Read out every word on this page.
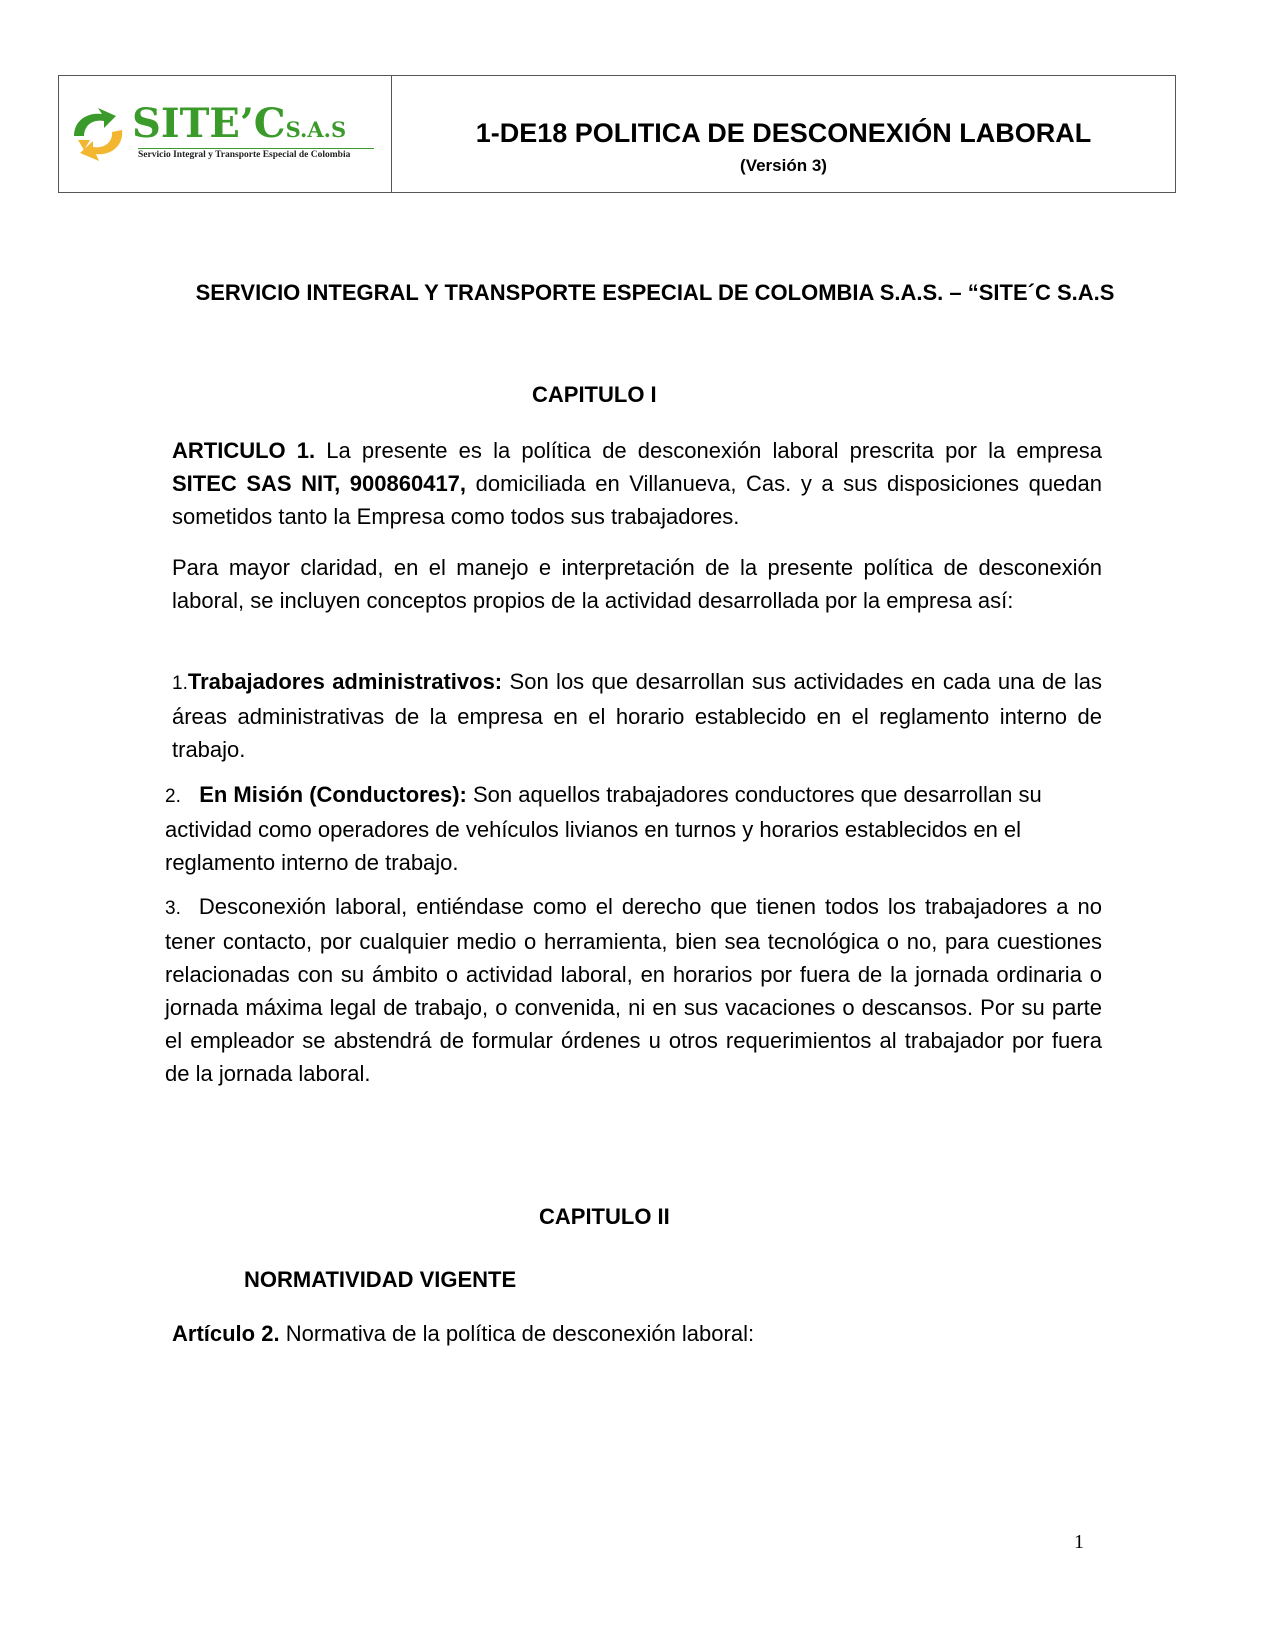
SITE’CS.A.S
Servicio Integral y Transporte Especial de Colombia
1-DE18 POLITICA DE DESCONEXIÓN LABORAL
(Versión 3)
SERVICIO INTEGRAL Y TRANSPORTE ESPECIAL DE COLOMBIA S.A.S. – “SITE´C S.A.S
CAPITULO I

ARTICULO 1. La presente es la política de desconexión laboral prescrita por la empresa SITEC SAS NIT, 900860417, domiciliada en Villanueva, Cas. y a sus disposiciones quedan sometidos tanto la Empresa como todos sus trabajadores.

Para mayor claridad, en el manejo e interpretación de la presente política de desconexión laboral, se incluyen conceptos propios de la actividad desarrollada por la empresa así:

1.Trabajadores administrativos: Son los que desarrollan sus actividades en cada una de las áreas administrativas de la empresa en el horario establecido en el reglamento interno de trabajo.

2. En Misión (Conductores): Son aquellos trabajadores conductores que desarrollan su actividad como operadores de vehículos livianos en turnos y horarios establecidos en el reglamento interno de trabajo.

3. Desconexión laboral, entiéndase como el derecho que tienen todos los trabajadores a no tener contacto, por cualquier medio o herramienta, bien sea tecnológica o no, para cuestiones relacionadas con su ámbito o actividad laboral, en horarios por fuera de la jornada ordinaria o jornada máxima legal de trabajo, o convenida, ni en sus vacaciones o descansos. Por su parte el empleador se abstendrá de formular órdenes u otros requerimientos al trabajador por fuera de la jornada laboral.

CAPITULO II
NORMATIVIDAD VIGENTE

Artículo 2. Normativa de la política de desconexión laboral:

1
